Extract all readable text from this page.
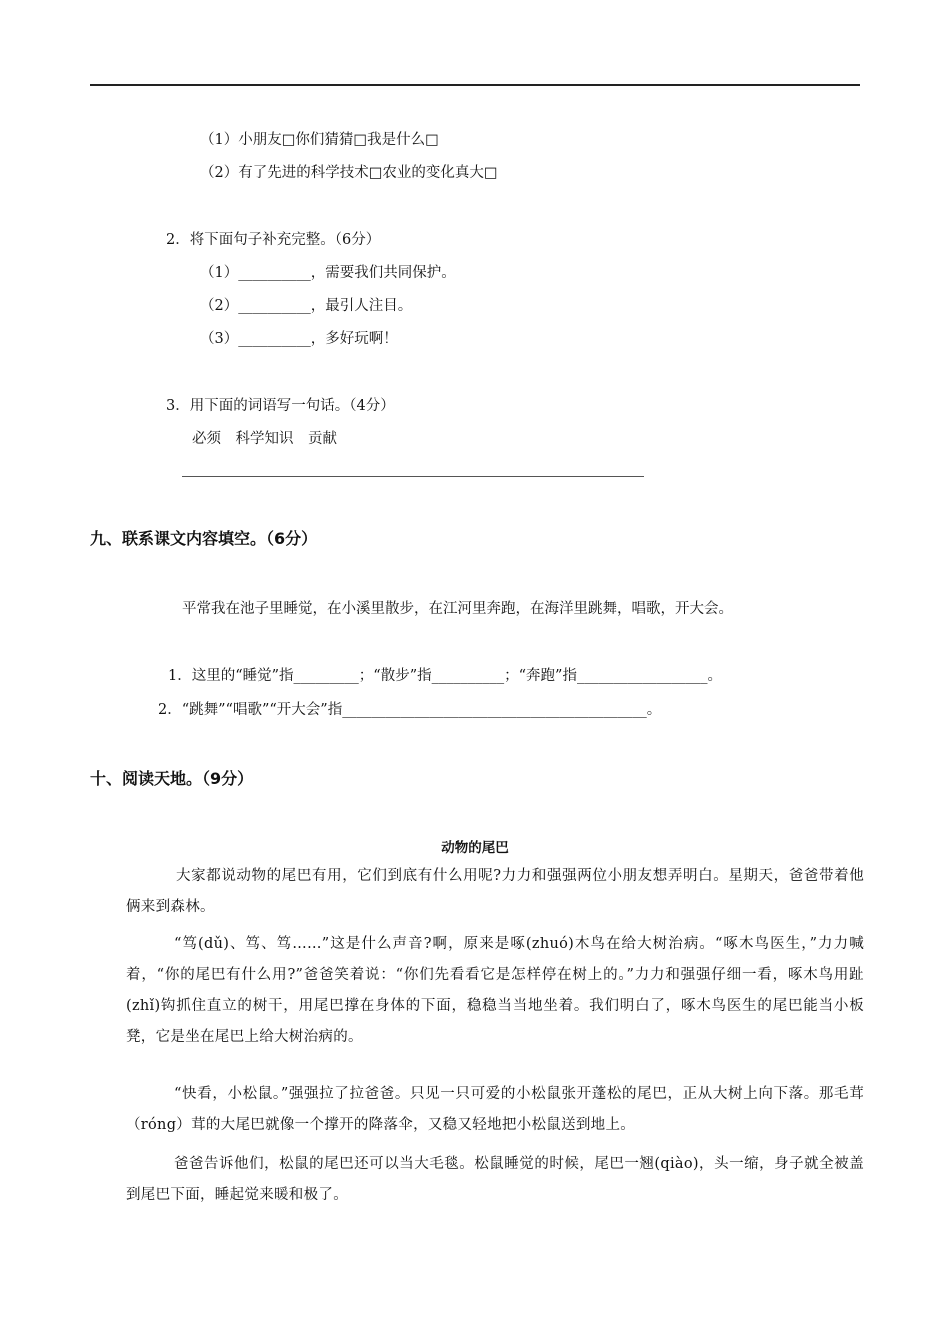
（1）小朋友□你们猜猜□我是什么□
（2）有了先进的科学技术□农业的变化真大□
2．将下面句子补充完整。（6分）
（1）__________，需要我们共同保护。
（2）__________，最引人注目。
（3）__________，多好玩啊！
3．用下面的词语写一句话。（4分）
必须　科学知识　贡献
九、联系课文内容填空。（6分）
平常我在池子里睡觉，在小溪里散步，在江河里奔跑，在海洋里跳舞，唱歌，开大会。
1．这里的“睡觉”指_________；“散步”指__________；“奔跑”指__________________。
2．“跳舞”“唱歌”“开大会”指__________________________________________。
十、阅读天地。（9分）
动物的尾巴
大家都说动物的尾巴有用，它们到底有什么用呢?力力和强强两位小朋友想弄明白。星期天，爸爸带着他俩来到森林。
“笃(dǔ)、笃、笃……”这是什么声音?啊，原来是啄(zhuó)木鸟在给大树治病。“啄木鸟医生，”力力喊着，“你的尾巴有什么用?”爸爸笑着说：“你们先看看它是怎样停在树上的。”力力和强强仔细一看，啄木鸟用趾(zhǐ)钩抓住直立的树干，用尾巴撑在身体的下面，稳稳当当地坐着。我们明白了，啄木鸟医生的尾巴能当小板凳，它是坐在尾巴上给大树治病的。
“快看，小松鼠。”强强拉了拉爸爸。只见一只可爱的小松鼠张开蓬松的尾巴，正从大树上向下落。那毛茸（róng）茸的大尾巴就像一个撑开的降落伞，又稳又轻地把小松鼠送到地上。
爸爸告诉他们，松鼠的尾巴还可以当大毛毯。松鼠睡觉的时候，尾巴一翘(qiào)，头一缩，身子就全被盖到尾巴下面，睡起觉来暖和极了。
